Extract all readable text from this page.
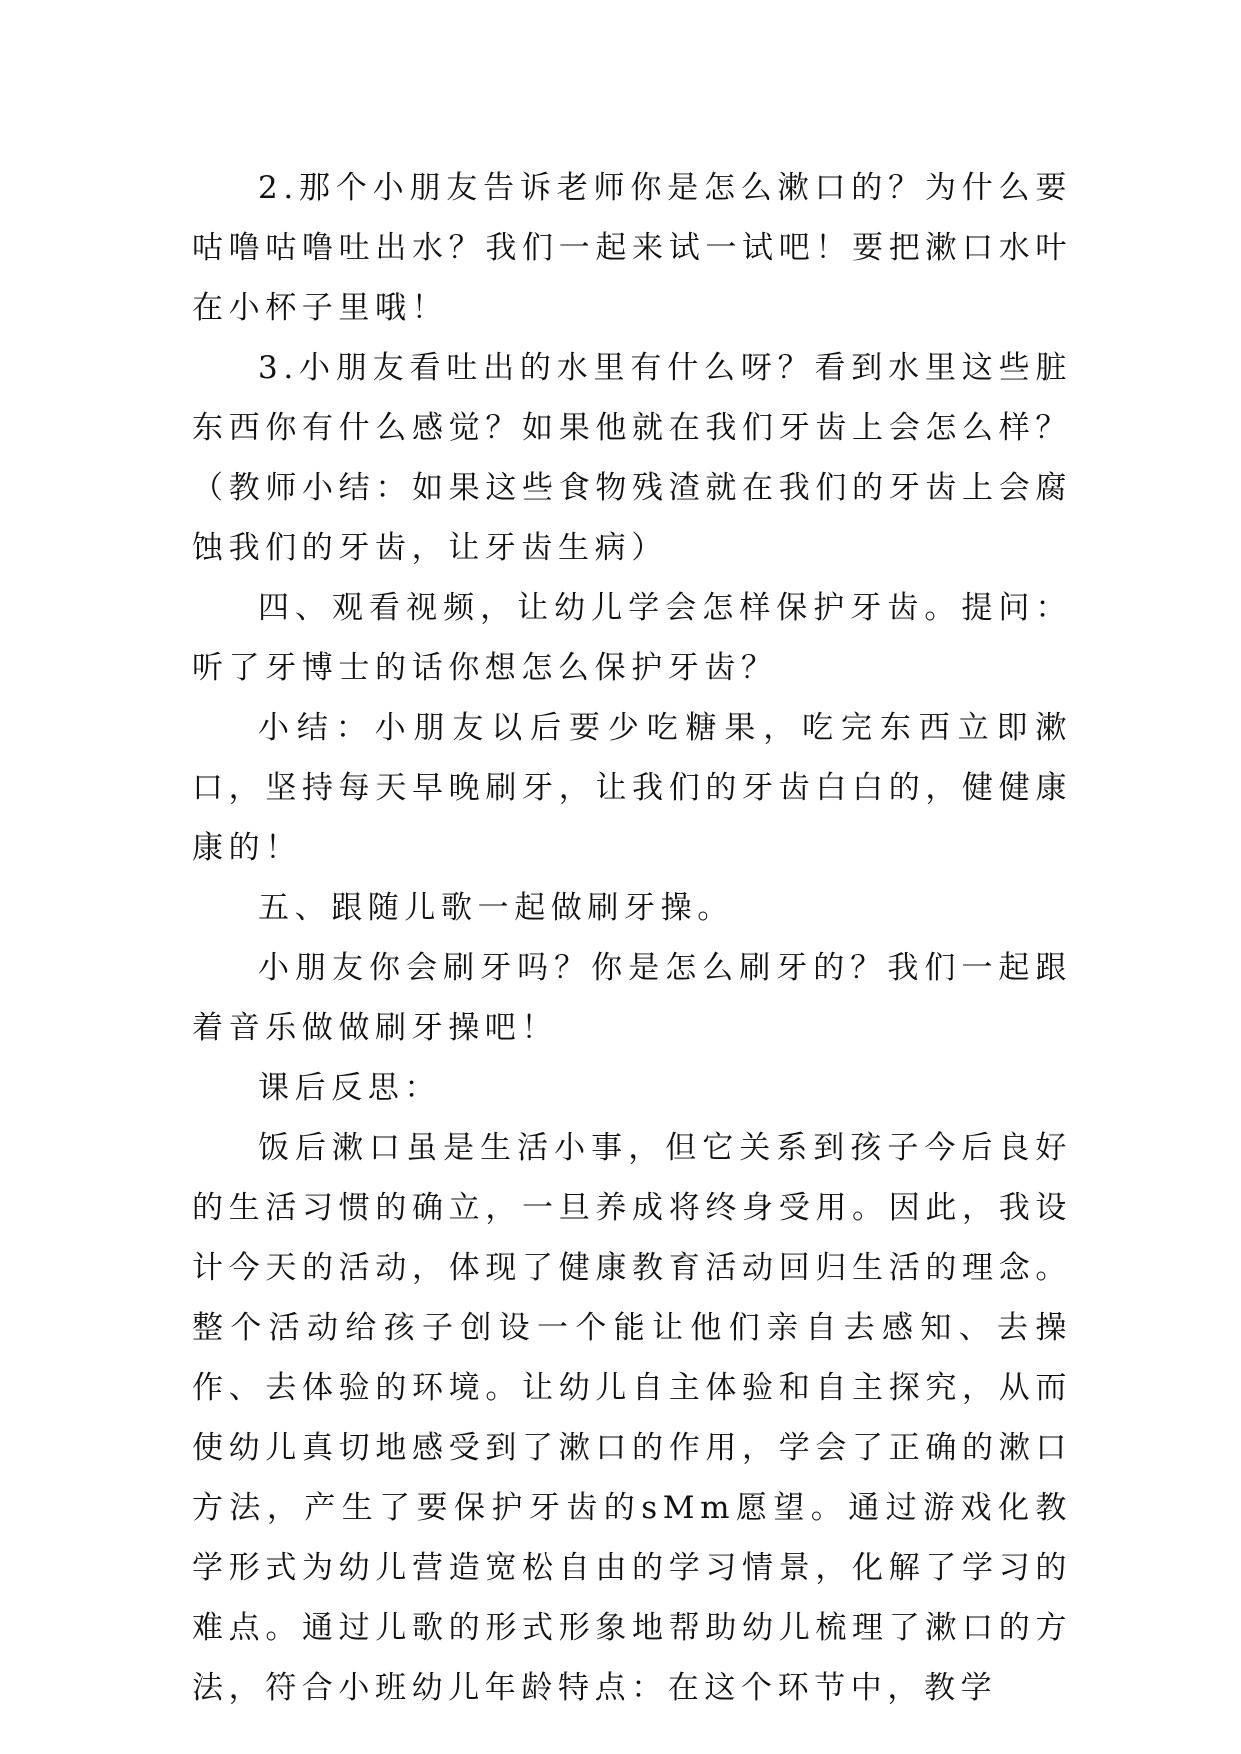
2.那个小朋友告诉老师你是怎么漱口的？为什么要咕噜咕噜吐出水？我们一起来试一试吧！要把漱口水叶在小杯子里哦！

3.小朋友看吐出的水里有什么呀？看到水里这些脏东西你有什么感觉？如果他就在我们牙齿上会怎么样？（教师小结：如果这些食物残渣就在我们的牙齿上会腐蚀我们的牙齿，让牙齿生病）

四、观看视频，让幼儿学会怎样保护牙齿。提问：听了牙博士的话你想怎么保护牙齿？

小结：小朋友以后要少吃糖果，吃完东西立即漱口，坚持每天早晚刷牙，让我们的牙齿白白的，健健康康的！

五、跟随儿歌一起做刷牙操。

小朋友你会刷牙吗？你是怎么刷牙的？我们一起跟着音乐做做刷牙操吧！

课后反思：

饭后漱口虽是生活小事，但它关系到孩子今后良好的生活习惯的确立，一旦养成将终身受用。因此，我设计今天的活动，体现了健康教育活动回归生活的理念。整个活动给孩子创设一个能让他们亲自去感知、去操作、去体验的环境。让幼儿自主体验和自主探究，从而使幼儿真切地感受到了漱口的作用，学会了正确的漱口方法，产生了要保护牙齿的sMm愿望。通过游戏化教学形式为幼儿营造宽松自由的学习情景，化解了学习的难点。通过儿歌的形式形象地帮助幼儿梳理了漱口的方法，符合小班幼儿年龄特点：在这个环节中，教学
